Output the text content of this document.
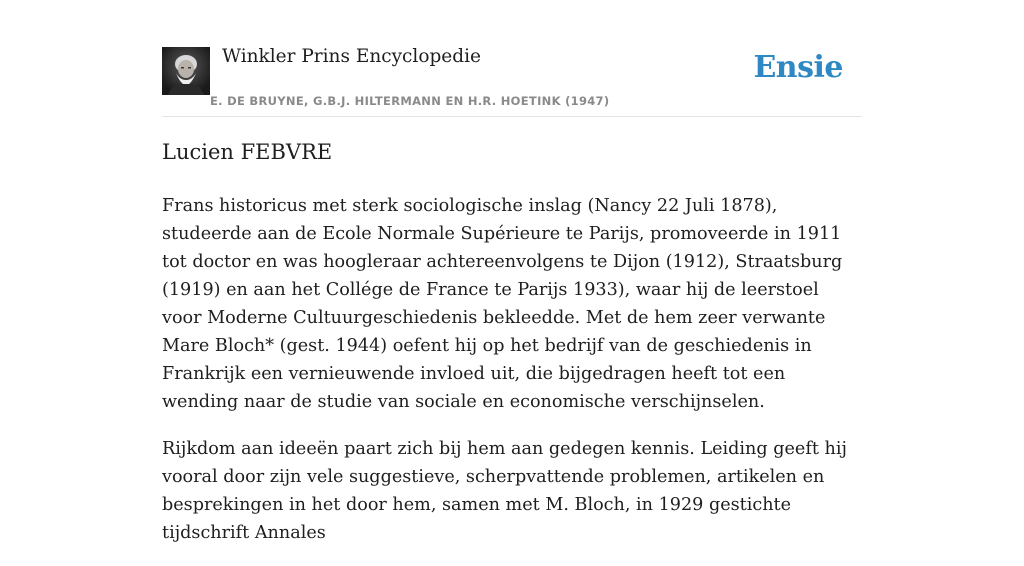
Winkler Prins Encyclopedie
E. DE BRUYNE, G.B.J. HILTERMANN EN H.R. HOETINK (1947)
Ensie
Lucien FEBVRE

Frans historicus met sterk sociologische inslag (Nancy 22 Juli 1878), studeerde aan de Ecole Normale Supérieure te Parijs, promoveerde in 1911 tot doctor en was hoogleraar achtereenvolgens te Dijon (1912), Straatsburg (1919) en aan het Collége de France te Parijs 1933), waar hij de leerstoel voor Moderne Cultuurgeschiedenis bekleedde. Met de hem zeer verwante Mare Bloch* (gest. 1944) oefent hij op het bedrijf van de geschiedenis in Frankrijk een vernieuwende invloed uit, die bijgedragen heeft tot een wending naar de studie van sociale en economische verschijnselen.

Rijkdom aan ideeën paart zich bij hem aan gedegen kennis. Leiding geeft hij vooral door zijn vele suggestieve, scherpvattende problemen, artikelen en besprekingen in het door hem, samen met M. Bloch, in 1929 gestichte tijdschrift Annales
